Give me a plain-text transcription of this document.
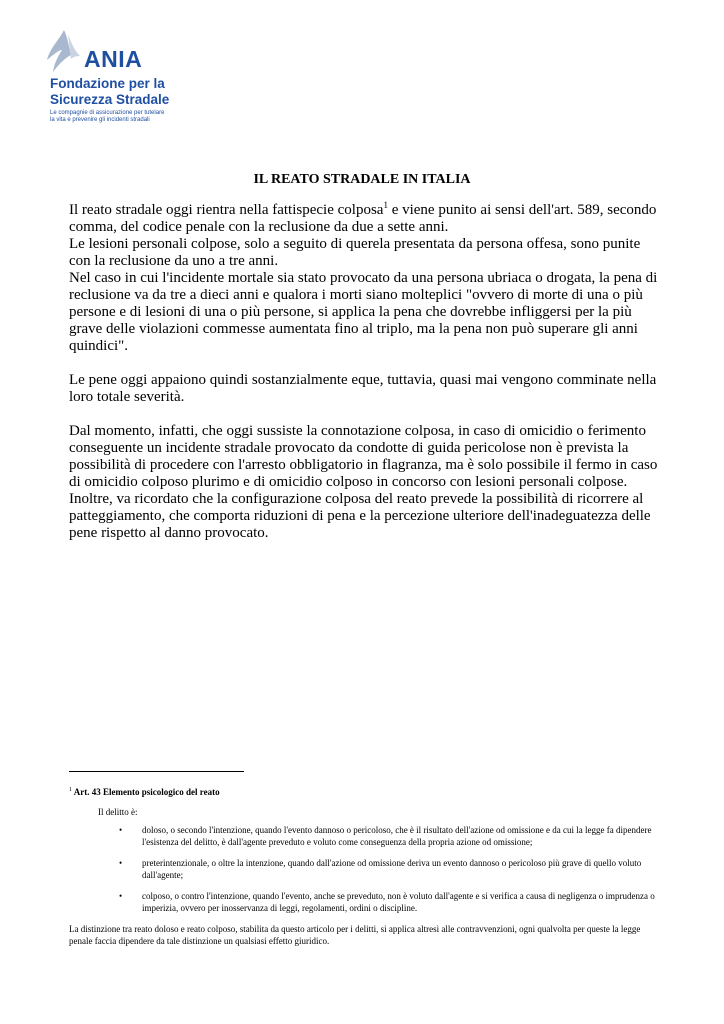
ANIA
Fondazione per la
Sicurezza Stradale
Le compagnie di assicurazione per tutelare
la vita e prevenire gli incidenti stradali
IL REATO STRADALE IN ITALIA

Il reato stradale oggi rientra nella fattispecie colposa$^1$ e viene punito ai sensi dell'art. 589, secondo comma, del codice penale con la reclusione da due a sette anni.

Le lesioni personali colpose, solo a seguito di querela presentata da persona offesa, sono punite con la reclusione da uno a tre anni.

Nel caso in cui l'incidente mortale sia stato provocato da una persona ubriaca o drogata, la pena di reclusione va da tre a dieci anni e qualora i morti siano molteplici "ovvero di morte di una o più persone e di lesioni di una o più persone, si applica la pena che dovrebbe infliggersi per la più grave delle violazioni commesse aumentata fino al triplo, ma la pena non può superare gli anni quindici".

Le pene oggi appaiono quindi sostanzialmente eque, tuttavia, quasi mai vengono comminate nella loro totale severità.

Dal momento, infatti, che oggi sussiste la connotazione colposa, in caso di omicidio o ferimento conseguente un incidente stradale provocato da condotte di guida pericolose non è prevista la possibilità di procedere con l'arresto obbligatorio in flagranza, ma è solo possibile il fermo in caso di omicidio colposo plurimo e di omicidio colposo in concorso con lesioni personali colpose.

Inoltre, va ricordato che la configurazione colposa del reato prevede la possibilità di ricorrere al patteggiamento, che comporta riduzioni di pena e la percezione ulteriore dell'inadeguatezza delle pene rispetto al danno provocato.

$^1$ Art. 43 Elemento psicologico del reato

Il delitto è:

• doloso, o secondo l'intenzione, quando l'evento dannoso o pericoloso, che è il risultato dell'azione od omissione e da cui la legge fa dipendere l'esistenza del delitto, è dall'agente preveduto e voluto come conseguenza della propria azione od omissione;
• preterintenzionale, o oltre la intenzione, quando dall'azione od omissione deriva un evento dannoso o pericoloso più grave di quello voluto dall'agente;
• colposo, o contro l'intenzione, quando l'evento, anche se preveduto, non è voluto dall'agente e si verifica a causa di negligenza o imprudenza o imperizia, ovvero per inosservanza di leggi, regolamenti, ordini o discipline.

La distinzione tra reato doloso e reato colposo, stabilita da questo articolo per i delitti, si applica altresì alle contravvenzioni, ogni qualvolta per queste la legge penale faccia dipendere da tale distinzione un qualsiasi effetto giuridico.
